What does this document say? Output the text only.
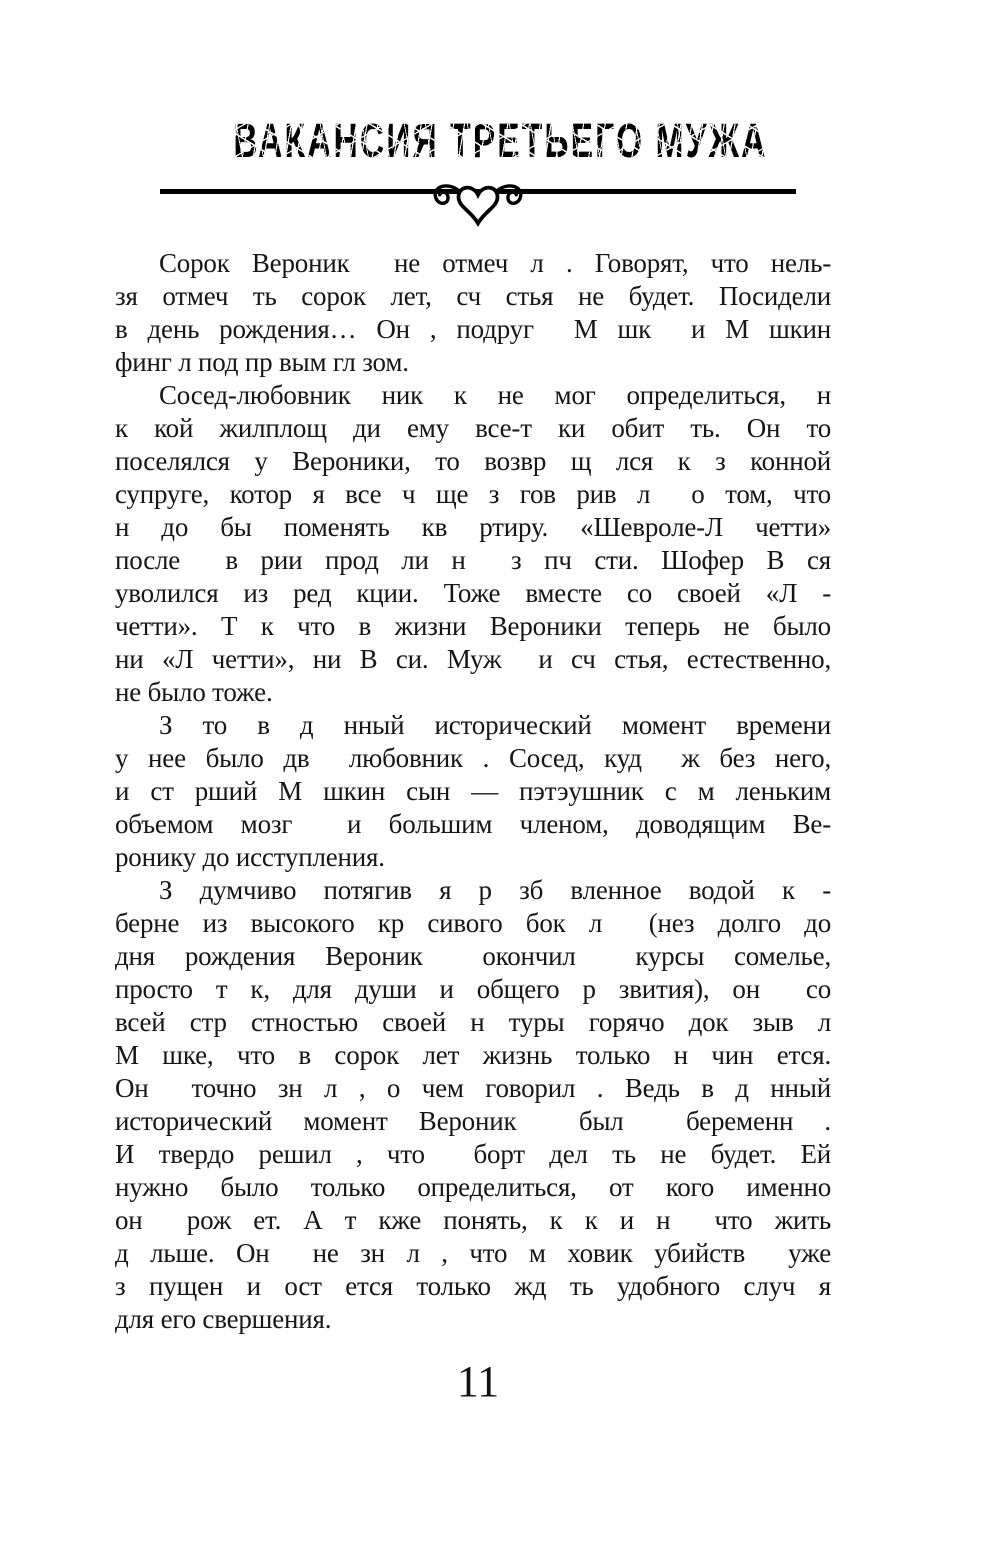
ВАКАНСИЯ ТРЕТЬЕГО МУЖА
Сорок Вероник  не отмеч л . Говорят, что нель-
зя отмеч ть сорок лет, сч стья не будет. Посидели
в день рождения… Он , подруг  М шк  и М шкин
финг л под пр вым гл зом.
Сосед-любовник ник к не мог определиться, н
к кой жилплощ ди ему все-т ки обит ть. Он то
поселялся у Вероники, то возвр щ лся к з конной
супруге, котор я все ч ще з гов рив л  о том, что
н до бы поменять кв ртиру. «Шевроле-Л четти»
после  в рии прод ли н  з пч сти. Шофер В ся
уволился из ред кции. Тоже вместе со своей «Л -
четти». Т к что в жизни Вероники теперь не было
ни «Л четти», ни В си. Муж  и сч стья, естественно,
не было тоже.
З то в д нный исторический момент времени
у нее было дв  любовник . Сосед, куд  ж без него,
и ст рший М шкин сын — пэтэушник с м леньким
объемом мозг  и большим членом, доводящим Ве-
ронику до исступления.
З думчиво потягив я р зб вленное водой к -
берне из высокого кр сивого бок л  (нез долго до
дня рождения Вероник  окончил  курсы сомелье,
просто т к, для души и общего р звития), он  со
всей стр стностью своей н туры горячо док зыв л
М шке, что в сорок лет жизнь только н чин ется.
Он  точно зн л , о чем говорил . Ведь в д нный
исторический момент Вероник  был  беременн .
И твердо решил , что  борт дел ть не будет. Ей
нужно было только определиться, от кого именно
он  рож ет. А т кже понять, к к и н  что жить
д льше. Он  не зн л , что м ховик убийств  уже
з пущен и ост ется только жд ть удобного случ я
для его свершения.
11
